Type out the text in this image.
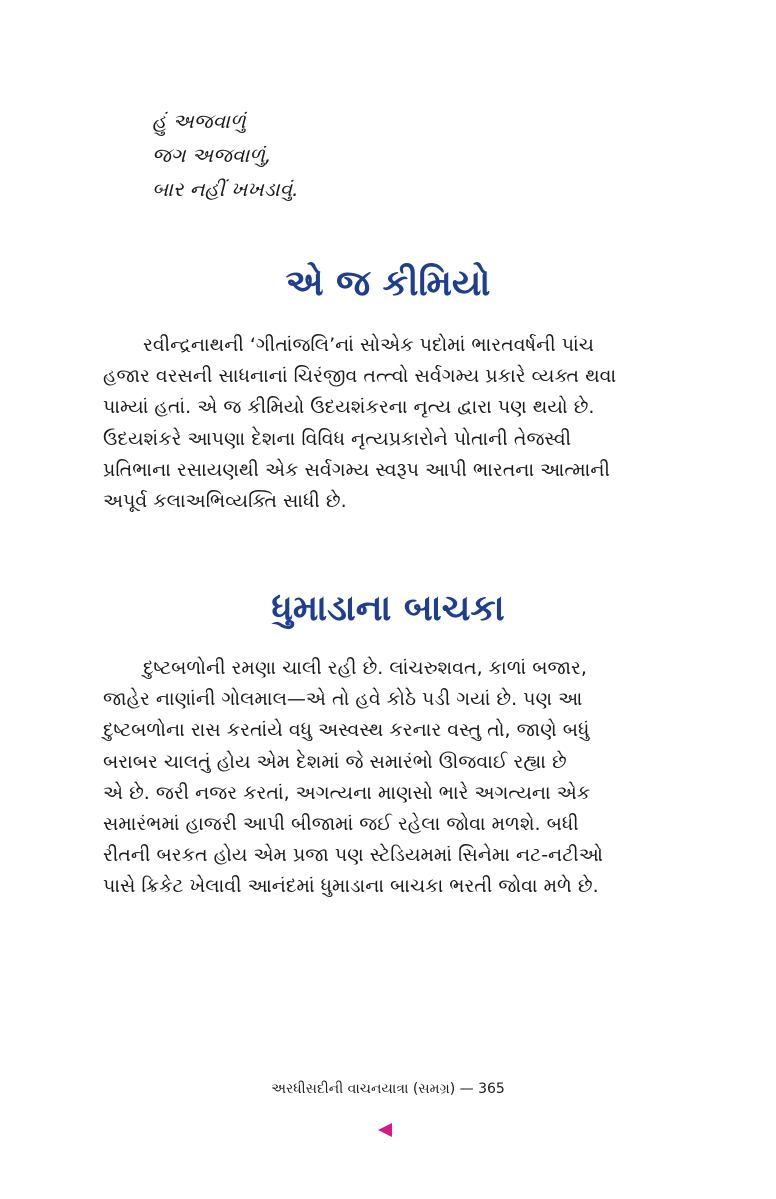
હું અજવાળું
જગ અજવાળું,
બાર નહીં ખખડાવું.
એ જ કીમિયો
રવીન્દ્રનાથની ‘ગીતાંજલિ’નાં સોએક પદોમાં ભારતવર્ષની પાંચ
હજાર વરસની સાધનાનાં ચિરંજીવ તત્ત્વો સર્વગમ્ય પ્રકારે વ્યક્ત થવા
પામ્યાં હતાં. એ જ કીમિયો ઉદયશંકરના નૃત્ય દ્વારા પણ થયો છે.
ઉદયશંકરે આપણા દેશના વિવિધ નૃત્યપ્રકારોને પોતાની તેજસ્વી
પ્રતિભાના રસાયણથી એક સર્વગમ્ય સ્વરૂપ આપી ભારતના આત્માની
અપૂર્વ કલાઅભિવ્યક્તિ સાધી છે.
ધુમાડાના બાચકા
દુષ્ટબળોની રમણા ચાલી રહી છે. લાંચરુશવત, કાળાં બજાર,
જાહેર નાણાંની ગોલમાલ—એ તો હવે કોઠે પડી ગયાં છે. પણ આ
દુષ્ટબળોના રાસ કરતાંયે વધુ અસ્વસ્થ કરનાર વસ્તુ તો, જાણે બધું
બરાબર ચાલતું હોય એમ દેશમાં જે સમારંભો ઊજવાઈ રહ્યા છે
એ છે. જરી નજર કરતાં, અગત્યના માણસો ભારે અગત્યના એક
સમારંભમાં હાજરી આપી બીજામાં જઈ રહેલા જોવા મળશે. બધી
રીતની બરકત હોય એમ પ્રજા પણ સ્ટેડિયમમાં સિનેમા નટ-નટીઓ
પાસે ક્રિકેટ ખેલાવી આનંદમાં ધુમાડાના બાચકા ભરતી જોવા મળે છે.
અરધીસદીની વાચનયાત્રા (સમગ્ર) — 365
